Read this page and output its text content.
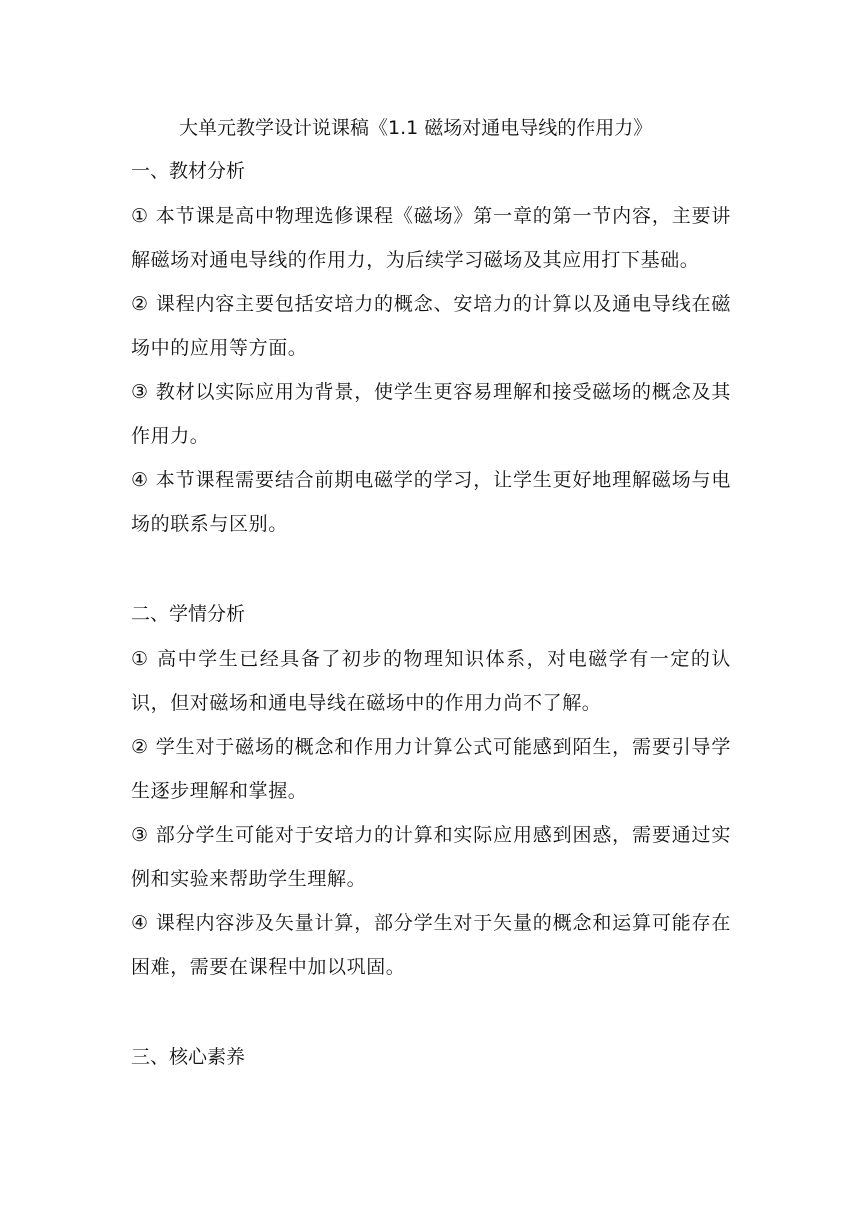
大单元教学设计说课稿《1.1 磁场对通电导线的作用力》
一、教材分析

① 本节课是高中物理选修课程《磁场》第一章的第一节内容，主要讲解磁场对通电导线的作用力，为后续学习磁场及其应用打下基础。

② 课程内容主要包括安培力的概念、安培力的计算以及通电导线在磁场中的应用等方面。

③ 教材以实际应用为背景，使学生更容易理解和接受磁场的概念及其作用力。

④ 本节课程需要结合前期电磁学的学习，让学生更好地理解磁场与电场的联系与区别。

二、学情分析

① 高中学生已经具备了初步的物理知识体系，对电磁学有一定的认识，但对磁场和通电导线在磁场中的作用力尚不了解。

② 学生对于磁场的概念和作用力计算公式可能感到陌生，需要引导学生逐步理解和掌握。

③ 部分学生可能对于安培力的计算和实际应用感到困惑，需要通过实例和实验来帮助学生理解。

④ 课程内容涉及矢量计算，部分学生对于矢量的概念和运算可能存在困难，需要在课程中加以巩固。

三、核心素养
